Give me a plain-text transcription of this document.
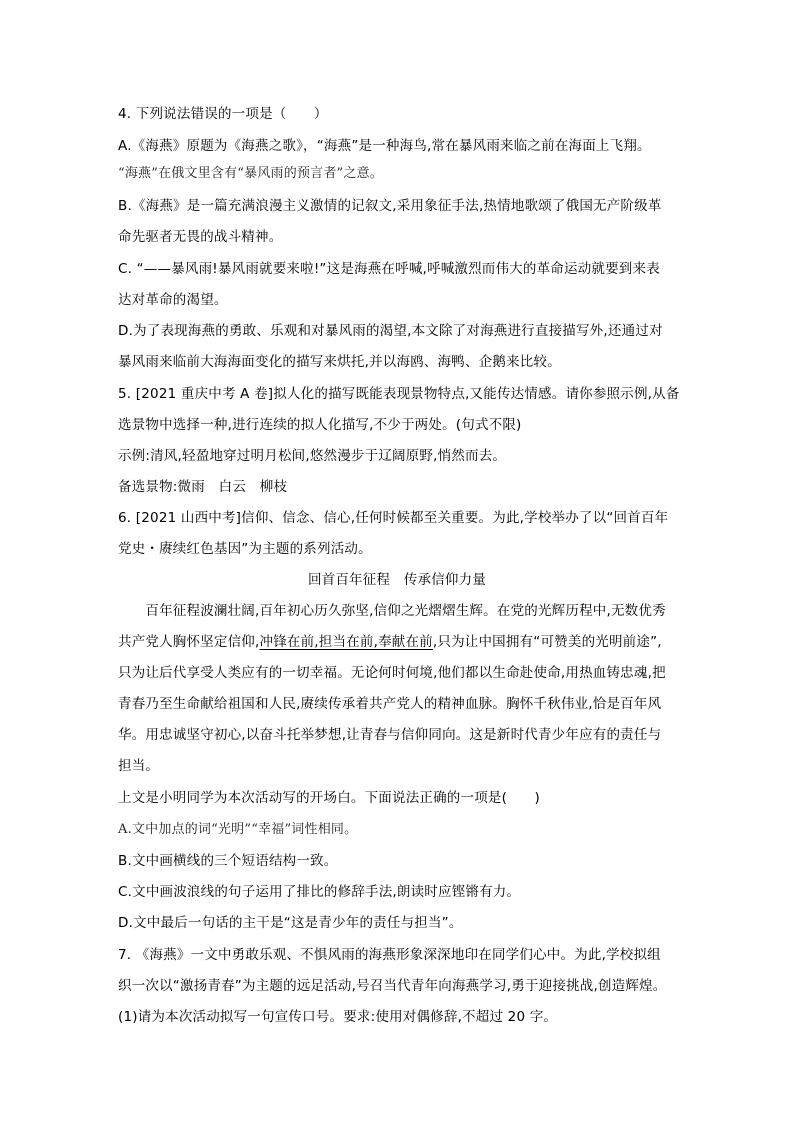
4. 下列说法错误的一项是（　　）
A.《海燕》原题为《海燕之歌》，“海燕”是一种海鸟,常在暴风雨来临之前在海面上飞翔。
“海燕”在俄文里含有“暴风雨的预言者”之意。
B.《海燕》是一篇充满浪漫主义激情的记叙文,采用象征手法,热情地歌颂了俄国无产阶级革
命先驱者无畏的战斗精神。
C. “——暴风雨!暴风雨就要来啦!”这是海燕在呼喊,呼喊激烈而伟大的革命运动就要到来表
达对革命的渴望。
D.为了表现海燕的勇敢、乐观和对暴风雨的渴望,本文除了对海燕进行直接描写外,还通过对
暴风雨来临前大海海面变化的描写来烘托,并以海鸥、海鸭、企鹅来比较。
5. [2021 重庆中考 A 卷]拟人化的描写既能表现景物特点,又能传达情感。请你参照示例,从备
选景物中选择一种,进行连续的拟人化描写,不少于两处。(句式不限)
示例:清风,轻盈地穿过明月松间,悠然漫步于辽阔原野,悄然而去。
备选景物:微雨　白云　柳枝
6. [2021 山西中考]信仰、信念、信心,任何时候都至关重要。为此,学校举办了以“回首百年
党史・赓续红色基因”为主题的系列活动。
回首百年征程　传承信仰力量
　　百年征程波澜壮阔,百年初心历久弥坚,信仰之光熠熠生辉。在党的光辉历程中,无数优秀
共产党人胸怀坚定信仰,冲锋在前,担当在前,奉献在前,只为让中国拥有“可赞美的光明前途”,
只为让后代享受人类应有的一切幸福。无论何时何境,他们都以生命赴使命,用热血铸忠魂,把
青春乃至生命献给祖国和人民,赓续传承着共产党人的精神血脉。胸怀千秋伟业,恰是百年风
华。用忠诚坚守初心,以奋斗托举梦想,让青春与信仰同向。这是新时代青少年应有的责任与
担当。
上文是小明同学为本次活动写的开场白。下面说法正确的一项是(　　)
A.文中加点的词“光明”“幸福”词性相同。
B.文中画横线的三个短语结构一致。
C.文中画波浪线的句子运用了排比的修辞手法,朗读时应铿锵有力。
D.文中最后一句话的主干是“这是青少年的责任与担当”。
7. 《海燕》一文中勇敢乐观、不惧风雨的海燕形象深深地印在同学们心中。为此,学校拟组
织一次以“激扬青春”为主题的远足活动,号召当代青年向海燕学习,勇于迎接挑战,创造辉煌。
(1)请为本次活动拟写一句宣传口号。要求:使用对偶修辞,不超过 20 字。
